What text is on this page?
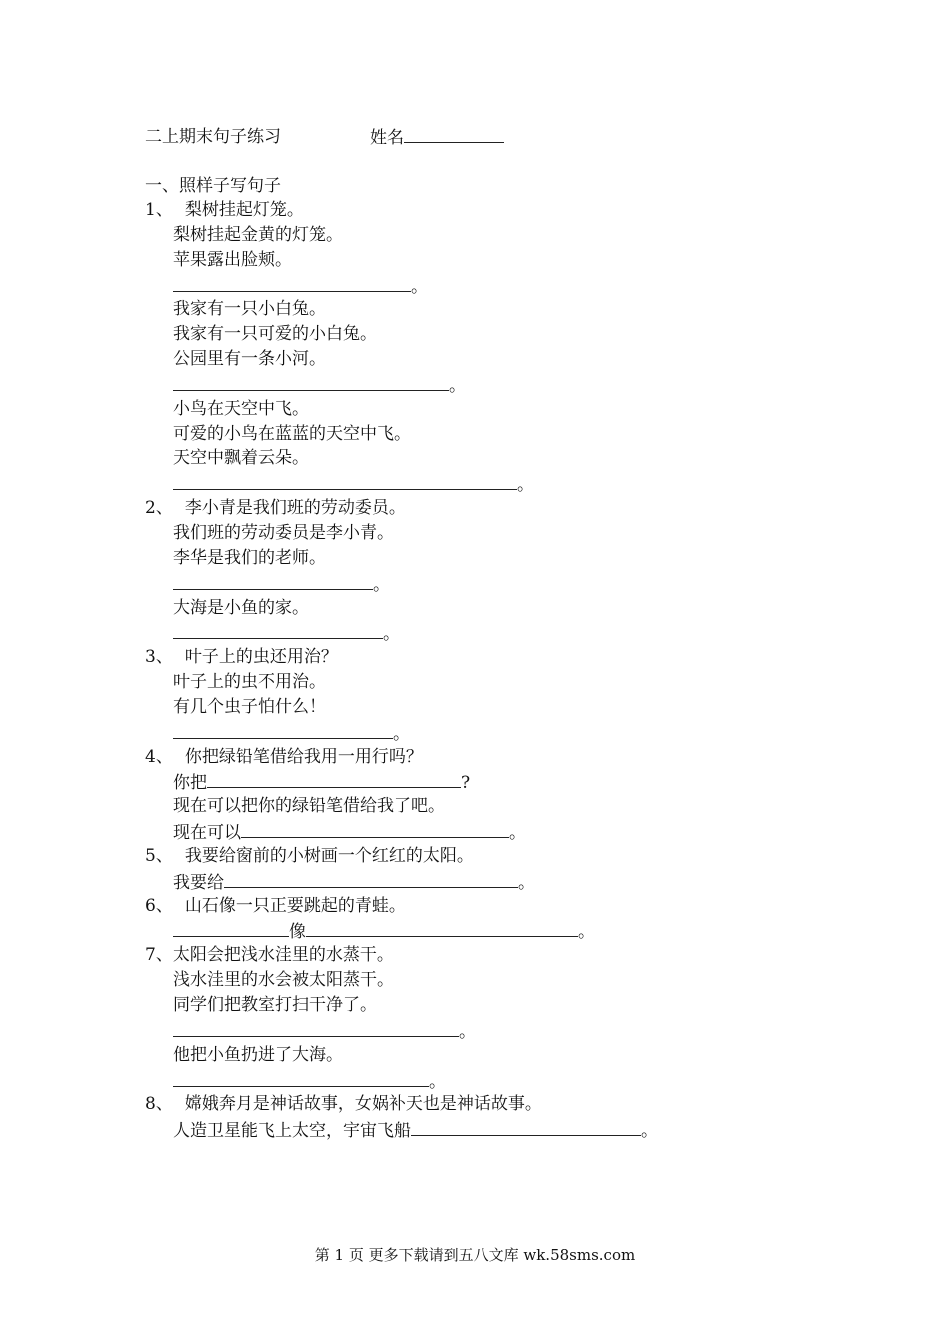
二上期末句子练习	姓名
一、照样子写句子
1、 梨树挂起灯笼。
梨树挂起金黄的灯笼。
苹果露出脸颊。
。
我家有一只小白兔。
我家有一只可爱的小白兔。
公园里有一条小河。
。
小鸟在天空中飞。
可爱的小鸟在蓝蓝的天空中飞。
天空中飘着云朵。
。
2、 李小青是我们班的劳动委员。
我们班的劳动委员是李小青。
李华是我们的老师。
。
大海是小鱼的家。
。
3、 叶子上的虫还用治？
叶子上的虫不用治。
有几个虫子怕什么！
。
4、 你把绿铅笔借给我用一用行吗？
你把	?
现在可以把你的绿铅笔借给我了吧。
现在可以	。
5、 我要给窗前的小树画一个红红的太阳。
我要给	。
6、 山石像一只正要跳起的青蛙。
像	。
7、太阳会把浅水洼里的水蒸干。
浅水洼里的水会被太阳蒸干。
同学们把教室打扫干净了。
。
他把小鱼扔进了大海。
。
8、 嫦娥奔月是神话故事，女娲补天也是神话故事。
人造卫星能飞上太空，宇宙飞船	。
第 1 页 更多下载请到五八文库 wk.58sms.com
